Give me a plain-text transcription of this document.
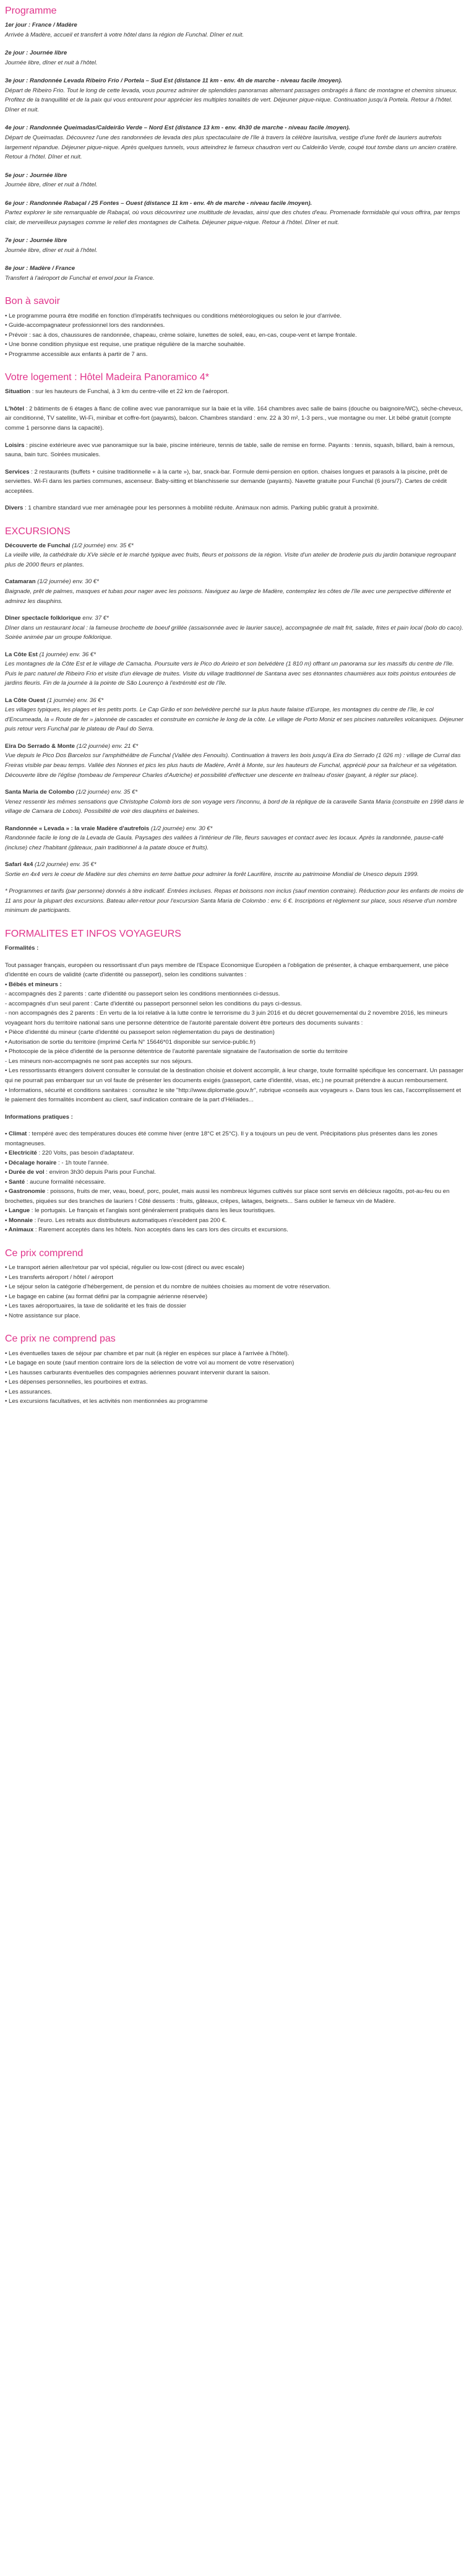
Programme
1er jour : France / Madère
Arrivée à Madère, accueil et transfert à votre hôtel dans la région de Funchal. Dîner et nuit.
2e jour : Journée libre
Journée libre, dîner et nuit à l'hôtel.
3e jour : Randonnée Levada Ribeiro Frio / Portela – Sud Est (distance 11 km - env. 4h de marche - niveau facile /moyen).
Départ de Ribeiro Frio. Tout le long de cette levada, vous pourrez admirer de splendides panoramas alternant passages ombragés à flanc de montagne et chemins sinueux. Profitez de la tranquillité et de la paix qui vous entourent pour apprécier les multiples tonalités de vert. Déjeuner pique-nique. Continuation jusqu'à Portela. Retour à l'hôtel. Dîner et nuit.
4e jour : Randonnée Queimadas/Caldeirão Verde – Nord Est (distance 13 km - env. 4h30 de marche - niveau facile /moyen).
Départ de Queimadas. Découvrez l'une des randonnées de levada des plus spectaculaire de l'île à travers la célèbre laurisilva, vestige d'une forêt de lauriers autrefois largement répandue. Déjeuner pique-nique. Après quelques tunnels, vous atteindrez le fameux chaudron vert ou Caldeirão Verde, coupé tout tombe dans un ancien cratère. Retour à l'hôtel. Dîner et nuit.
5e jour : Journée libre
Journée libre, dîner et nuit à l'hôtel.
6e jour : Randonnée Rabaçal / 25 Fontes – Ouest (distance 11 km - env. 4h de marche - niveau facile /moyen).
Partez explorer le site remarquable de Rabaçal, où vous découvrirez une multitude de levadas, ainsi que des chutes d'eau. Promenade formidable qui vous offrira, par temps clair, de merveilleux paysages comme le relief des montagnes de Calheta. Déjeuner pique-nique. Retour à l'hôtel. Dîner et nuit.
7e jour : Journée libre
Journée libre, dîner et nuit à l'hôtel.
8e jour : Madère / France
Transfert à l'aéroport de Funchal et envol pour la France.
Bon à savoir
• Le programme pourra être modifié en fonction d'impératifs techniques ou conditions météorologiques ou selon le jour d'arrivée.
• Guide-accompagnateur professionnel lors des randonnées.
• Prévoir : sac à dos, chaussures de randonnée, chapeau, crème solaire, lunettes de soleil, eau, en-cas, coupe-vent et lampe frontale.
• Une bonne condition physique est requise, une pratique régulière de la marche souhaitée.
• Programme accessible aux enfants à partir de 7 ans.
Votre logement : Hôtel Madeira Panoramico 4*

Situation : sur les hauteurs de Funchal, à 3 km du centre-ville et 22 km de l'aéroport.

L'hôtel : 2 bâtiments de 6 étages à flanc de colline avec vue panoramique sur la baie et la ville. 164 chambres avec salle de bains (douche ou baignoire/WC), sèche-cheveux, air conditionné, TV satellite, Wi-Fi, minibar et coffre-fort (payants), balcon. Chambres standard : env. 22 à 30 m², 1-3 pers., vue montagne ou mer. Lit bébé gratuit (compte comme 1 personne dans la capacité).

Loisirs : piscine extérieure avec vue panoramique sur la baie, piscine intérieure, tennis de table, salle de remise en forme. Payants : tennis, squash, billard, bain à remous, sauna, bain turc. Soirées musicales.

Services : 2 restaurants (buffets + cuisine traditionnelle « à la carte »), bar, snack-bar. Formule demi-pension en option. chaises longues et parasols à la piscine, prêt de serviettes. Wi-Fi dans les parties communes, ascenseur. Baby-sitting et blanchisserie sur demande (payants). Navette gratuite pour Funchal (6 jours/7). Cartes de crédit acceptées.

Divers : 1 chambre standard vue mer aménagée pour les personnes à mobilité réduite. Animaux non admis. Parking public gratuit à proximité.

EXCURSIONS
Découverte de Funchal (1/2 journée) env. 35 €*
La vieille ville, la cathédrale du XVe siècle et le marché typique avec fruits, fleurs et poissons de la région. Visite d'un atelier de broderie puis du jardin botanique regroupant plus de 2000 fleurs et plantes.
Catamaran (1/2 journée) env. 30 €*
Baignade, prêt de palmes, masques et tubas pour nager avec les poissons. Naviguez au large de Madère, contemplez les côtes de l'île avec une perspective différente et admirez les dauphins.
Dîner spectacle folklorique env. 37 €*
Dîner dans un restaurant local : la fameuse brochette de boeuf grillée (assaisonnée avec le laurier sauce), accompagnée de malt frit, salade, frites et pain local (bolo do caco). Soirée animée par un groupe folklorique.
La Côte Est (1 journée) env. 36 €*
Les montagnes de la Côte Est et le village de Camacha. Poursuite vers le Pico do Arieiro et son belvédère (1 810 m) offrant un panorama sur les massifs du centre de l'île. Puis le parc naturel de Ribeiro Frio et visite d'un élevage de truites. Visite du village traditionnel de Santana avec ses étonnantes chaumières aux toits pointus entourées de jardins fleuris. Fin de la journée à la pointe de São Lourenço à l'extrémité est de l'île.
La Côte Ouest (1 journée) env. 36 €*
Les villages typiques, les plages et les petits ports. Le Cap Girão et son belvédère perché sur la plus haute falaise d'Europe, les montagnes du centre de l'île, le col d'Encumeada, la « Route de fer » jalonnée de cascades et construite en corniche le long de la côte. Le village de Porto Moniz et ses piscines naturelles volcaniques. Déjeuner puis retour vers Funchal par le plateau de Paul do Serra.
Eira Do Serrado & Monte (1/2 journée) env. 21 €*
Vue depuis le Pico Dos Barcelos sur l'amphithéâtre de Funchal (Vallée des Fenouils). Continuation à travers les bois jusqu'à Eira do Serrado (1 026 m) : village de Curral das Freiras visible par beau temps. Vallée des Nonnes et pics les plus hauts de Madère, Arrêt à Monte, sur les hauteurs de Funchal, apprécié pour sa fraîcheur et sa végétation. Découverte libre de l'église (tombeau de l'empereur Charles d'Autriche) et possibilité d'effectuer une descente en traîneau d'osier (payant, à régler sur place).
Santa Maria de Colombo (1/2 journée) env. 35 €*
Venez ressentir les mêmes sensations que Christophe Colomb lors de son voyage vers l'inconnu, à bord de la réplique de la caravelle Santa Maria (construite en 1998 dans le village de Camara de Lobos). Possibilité de voir des dauphins et baleines.
Randonnée « Levada » : la vraie Madère d'autrefois (1/2 journée) env. 30 €*
Randonnée facile le long de la Levada de Gaula. Paysages des vallées à l'intérieur de l'île, fleurs sauvages et contact avec les locaux. Après la randonnée, pause-café (incluse) chez l'habitant (gâteaux, pain traditionnel à la patate douce et fruits).
Safari 4x4 (1/2 journée) env. 35 €*
Sortie en 4x4 vers le coeur de Madère sur des chemins en terre battue pour admirer la forêt Laurifère, inscrite au patrimoine Mondial de Unesco depuis 1999.

* Programmes et tarifs (par personne) donnés à titre indicatif. Entrées incluses. Repas et boissons non inclus (sauf mention contraire). Réduction pour les enfants de moins de 11 ans pour la plupart des excursions. Bateau aller-retour pour l'excursion Santa Maria de Colombo : env. 6 €. Inscriptions et règlement sur place, sous réserve d'un nombre minimum de participants.

FORMALITES ET INFOS VOYAGEURS

Formalités :

Tout passager français, européen ou ressortissant d'un pays membre de l'Espace Economique Européen a l'obligation de présenter, à chaque embarquement, une pièce d'identité en cours de validité (carte d'identité ou passeport), selon les conditions suivantes :
• Bébés et mineurs :
- accompagnés des 2 parents : carte d'identité ou passeport selon les conditions mentionnées ci-dessus.
- accompagnés d'un seul parent : Carte d'identité ou passeport personnel selon les conditions du pays ci-dessus.
- non accompagnés des 2 parents : En vertu de la loi relative à la lutte contre le terrorisme du 3 juin 2016 et du décret gouvernemental du 2 novembre 2016, les mineurs voyageant hors du territoire national sans une personne détentrice de l'autorité parentale doivent être porteurs des documents suivants :
• Pièce d'identité du mineur (carte d'identité ou passeport selon réglementation du pays de destination)
• Autorisation de sortie du territoire (imprimé Cerfa N° 15646*01 disponible sur service-public.fr)
• Photocopie de la pièce d'identité de la personne détentrice de l'autorité parentale signataire de l'autorisation de sortie du territoire
- Les mineurs non-accompagnés ne sont pas acceptés sur nos séjours.
• Les ressortissants étrangers doivent consulter le consulat de la destination choisie et doivent accomplir, à leur charge, toute formalité spécifique les concernant. Un passager qui ne pourrait pas embarquer sur un vol faute de présenter les documents exigés (passeport, carte d'identité, visas, etc.) ne pourrait prétendre à aucun remboursement.
• Informations, sécurité et conditions sanitaires : consultez le site "http://www.diplomatie.gouv.fr", rubrique «conseils aux voyageurs ». Dans tous les cas, l'accomplissement et le paiement des formalités incombent au client, sauf indication contraire de la part d'Héliades...

Informations pratiques :

• Climat : tempéré avec des températures douces été comme hiver (entre 18°C et 25°C). Il y a toujours un peu de vent. Précipitations plus présentes dans les zones montagneuses.
• Electricité : 220 Volts, pas besoin d'adaptateur.
• Décalage horaire : - 1h toute l'année.
• Durée de vol : environ 3h30 depuis Paris pour Funchal.
• Santé : aucune formalité nécessaire.
• Gastronomie : poissons, fruits de mer, veau, boeuf, porc, poulet, mais aussi les nombreux légumes cultivés sur place sont servis en délicieux ragoûts, pot-au-feu ou en brochettes, piquées sur des branches de lauriers ! Côté desserts : fruits, gâteaux, crêpes, laitages, beignets... Sans oublier le fameux vin de Madère.
• Langue : le portugais. Le français et l'anglais sont généralement pratiqués dans les lieux touristiques.
• Monnaie : l'euro. Les retraits aux distributeurs automatiques n'excèdent pas 200 €.
• Animaux : Rarement acceptés dans les hôtels. Non acceptés dans les cars lors des circuits et excursions.

Ce prix comprend
• Le transport aérien aller/retour par vol spécial, régulier ou low-cost (direct ou avec escale)
• Les transferts aéroport / hôtel / aéroport
• Le séjour selon la catégorie d'hébergement, de pension et du nombre de nuitées choisies au moment de votre réservation.
• Le bagage en cabine (au format défini par la compagnie aérienne réservée)
• Les taxes aéroportuaires, la taxe de solidarité et les frais de dossier
• Notre assistance sur place.
Ce prix ne comprend pas
• Les éventuelles taxes de séjour par chambre et par nuit (à régler en espèces sur place à l'arrivée à l'hôtel).
• Le bagage en soute (sauf mention contraire lors de la sélection de votre vol au moment de votre réservation)
• Les hausses carburants éventuelles des compagnies aériennes pouvant intervenir durant la saison.
• Les dépenses personnelles, les pourboires et extras.
• Les assurances.
• Les excursions facultatives, et les activités non mentionnées au programme
